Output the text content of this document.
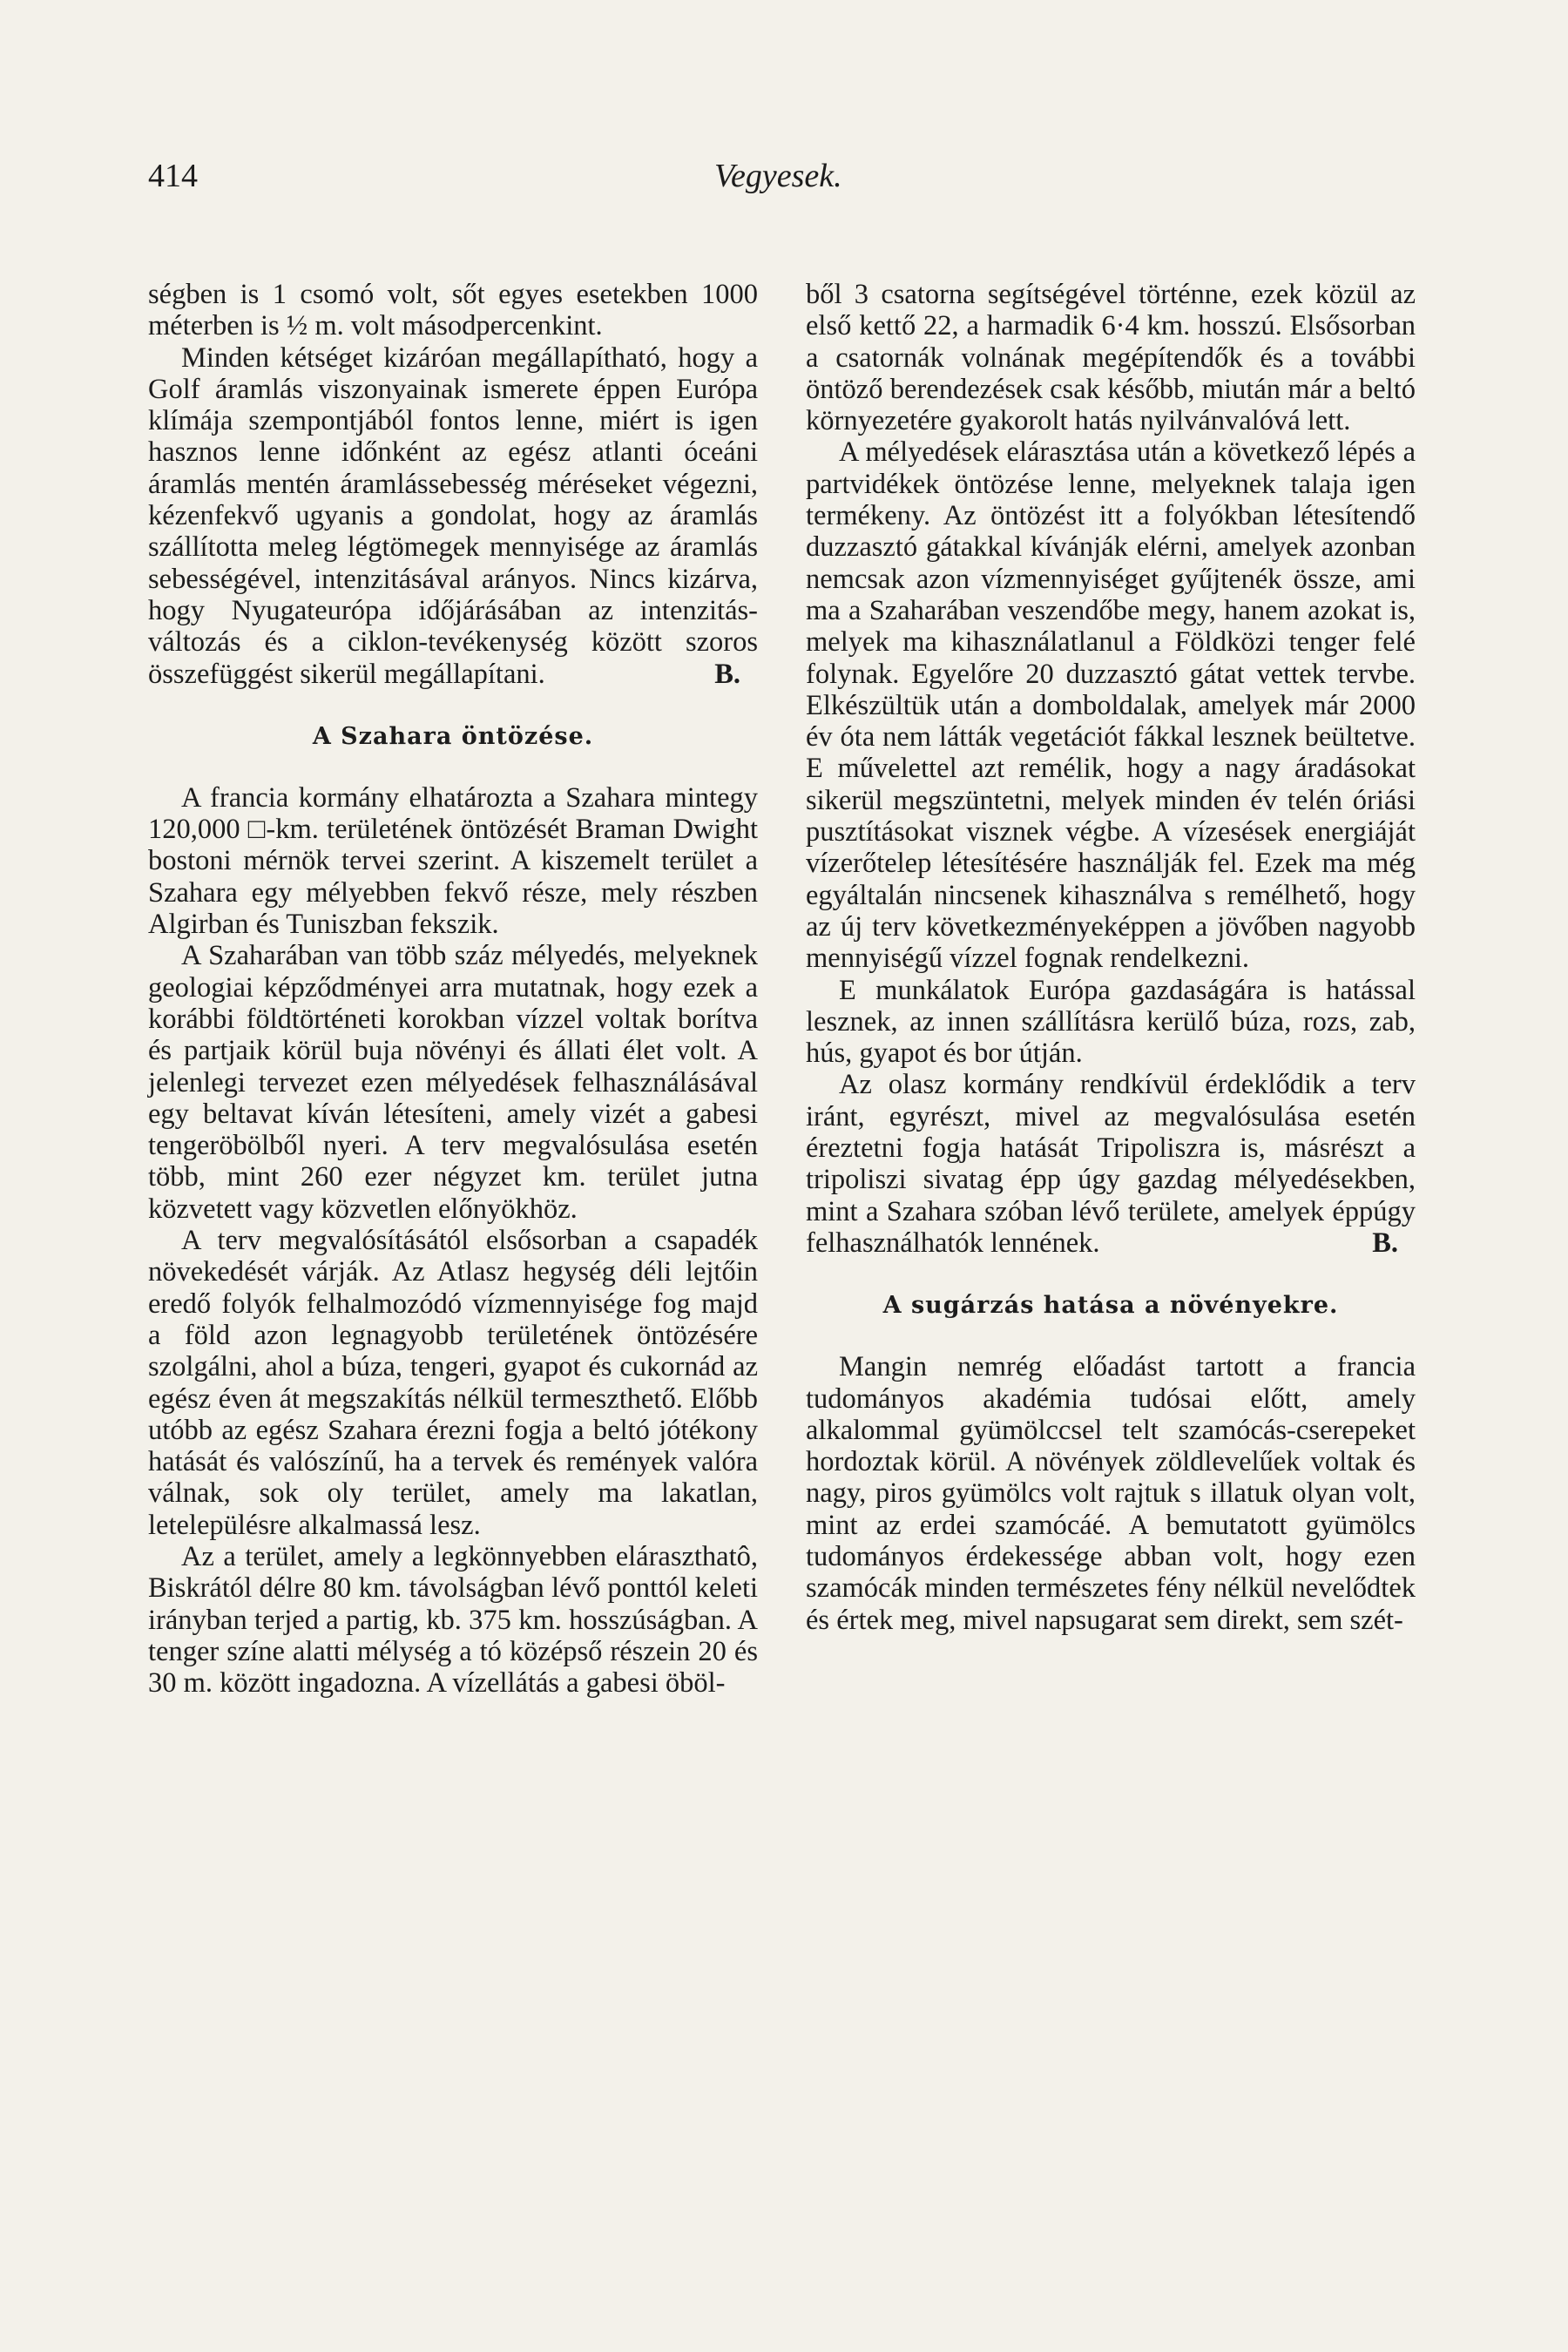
414	Vegyesek.

ségben is 1 csomó volt, sőt egyes esetekben 1000 méterben is ½ m. volt másodpercenkint.

Minden kétséget kizáróan megállapítható, hogy a Golf áramlás viszonyainak ismerete éppen Európa klímája szempontjából fontos lenne, miért is igen hasznos lenne időnként az egész atlanti óceáni áramlás mentén áramlássebesség méréseket végezni, kézenfekvő ugyanis a gondolat, hogy az áramlás szállította meleg légtömegek mennyisége az áramlás sebességével, intenzitásával arányos. Nincs kizárva, hogy Nyugateurópa időjárásában az intenzitás-változás és a ciklon-tevékenység között szoros összefüggést sikerül megállapítani.	B.

A Szahara öntözése.

A francia kormány elhatározta a Szahara mintegy 120,000 □-km. területének öntözését Braman Dwight bostoni mérnök tervei szerint. A kiszemelt terület a Szahara egy mélyebben fekvő része, mely részben Algirban és Tuniszban fekszik.

A Szaharában van több száz mélyedés, melyeknek geologiai képződményei arra mutatnak, hogy ezek a korábbi földtörténeti korokban vízzel voltak borítva és partjaik körül buja növényi és állati élet volt. A jelenlegi tervezet ezen mélyedések felhasználásával egy beltavat kíván létesíteni, amely vizét a gabesi tengeröbölből nyeri. A terv megvalósulása esetén több, mint 260 ezer négyzet km. terület jutna közvetett vagy közvetlen előnyökhöz.

A terv megvalósításától elsősorban a csapadék növekedését várják. Az Atlasz hegység déli lejtőin eredő folyók felhalmozódó vízmennyisége fog majd a föld azon legnagyobb területének öntözésére szolgálni, ahol a búza, tengeri, gyapot és cukornád az egész éven át megszakítás nélkül termeszthető. Előbb utóbb az egész Szahara érezni fogja a beltó jótékony hatását és valószínű, ha a tervek és remények valóra válnak, sok oly terület, amely ma lakatlan, letelepülésre alkalmassá lesz.

Az a terület, amely a legkönnyebben eláraszthatô, Biskrától délre 80 km. távolságban lévő ponttól keleti irányban terjed a partig, kb. 375 km. hosszúságban. A tenger színe alatti mélység a tó középső részein 20 és 30 m. között ingadozna. A vízellátás a gabesi öböl-

ből 3 csatorna segítségével történne, ezek közül az első kettő 22, a harmadik 6·4 km. hosszú. Elsősorban a csatornák volnának megépítendők és a további öntöző berendezések csak később, miután már a beltó környezetére gyakorolt hatás nyilvánvalóvá lett.

A mélyedések elárasztása után a következő lépés a partvidékek öntözése lenne, melyeknek talaja igen termékeny. Az öntözést itt a folyókban létesítendő duzzasztó gátakkal kívánják elérni, amelyek azonban nemcsak azon vízmennyiséget gyűjtenék össze, ami ma a Szaharában veszendőbe megy, hanem azokat is, melyek ma kihasználatlanul a Földközi tenger felé folynak. Egyelőre 20 duzzasztó gátat vettek tervbe. Elkészültük után a domboldalak, amelyek már 2000 év óta nem látták vegetációt fákkal lesznek beültetve. E művelettel azt remélik, hogy a nagy áradásokat sikerül megszüntetni, melyek minden év telén óriási pusztításokat visznek végbe. A vízesések energiáját vízerőtelep létesítésére használják fel. Ezek ma még egyáltalán nincsenek kihasználva s remélhető, hogy az új terv következményeképpen a jövőben nagyobb mennyiségű vízzel fognak rendelkezni.

E munkálatok Európa gazdaságára is hatással lesznek, az innen szállításra kerülő búza, rozs, zab, hús, gyapot és bor útján.

Az olasz kormány rendkívül érdeklődik a terv iránt, egyrészt, mivel az megvalósulása esetén éreztetni fogja hatását Tripoliszra is, másrészt a tripoliszi sivatag épp úgy gazdag mélyedésekben, mint a Szahara szóban lévő területe, amelyek éppúgy felhasználhatók lennének.	B.

A sugárzás hatása a növényekre.

Mangin nemrég előadást tartott a francia tudományos akadémia tudósai előtt, amely alkalommal gyümölccsel telt szamócás-cserepeket hordoztak körül. A növények zöldlevelűek voltak és nagy, piros gyümölcs volt rajtuk s illatuk olyan volt, mint az erdei szamócáé. A bemutatott gyümölcs tudományos érdekessége abban volt, hogy ezen szamócák minden természetes fény nélkül nevelődtek és értek meg, mivel napsugarat sem direkt, sem szét-
